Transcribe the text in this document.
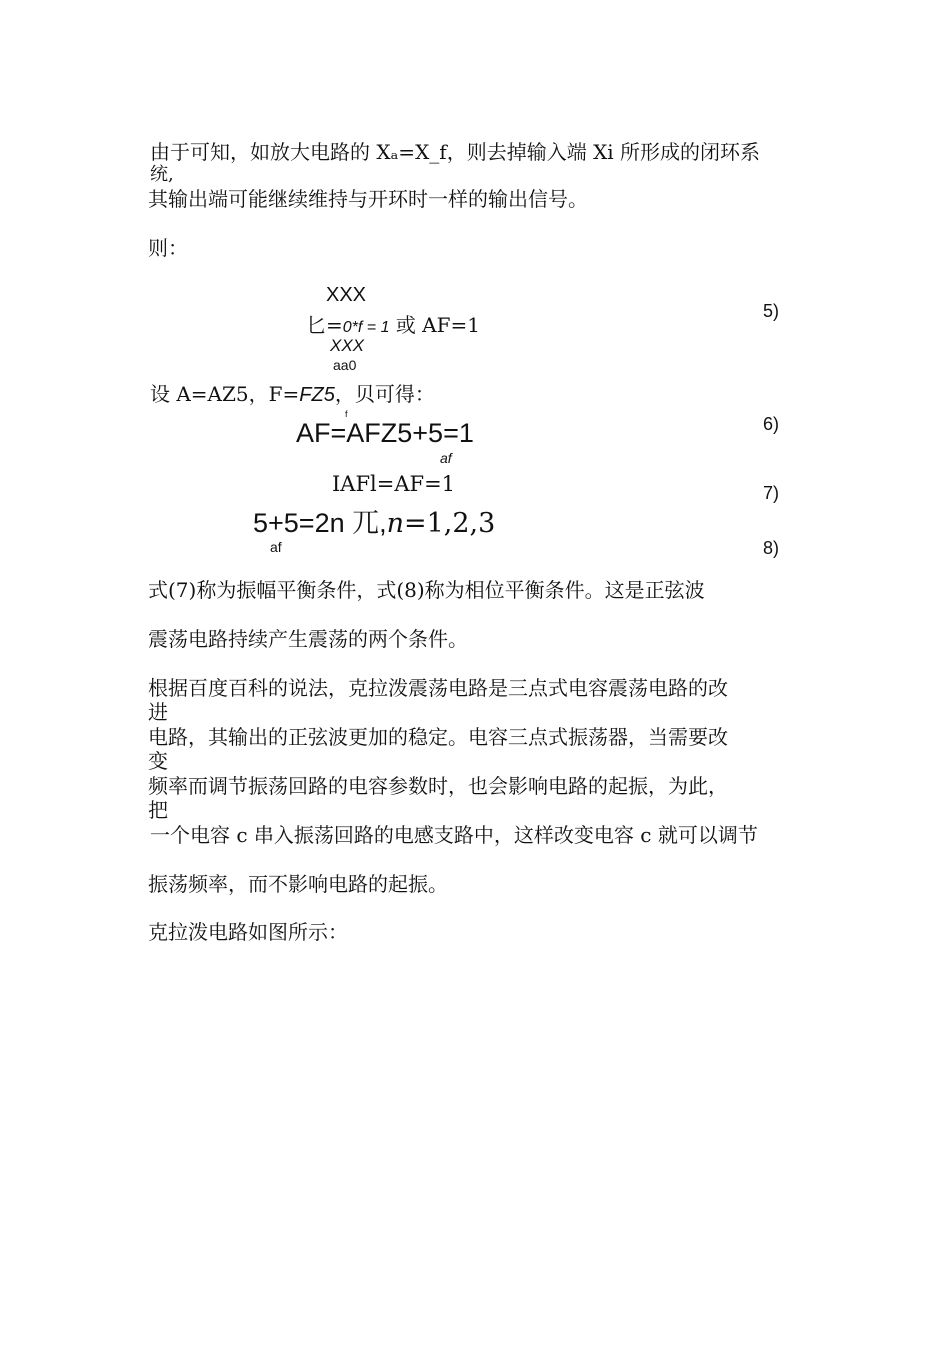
由于可知，如放大电路的 Xₐ=X_f，则去掉输入端 Xi 所形成的闭环系
统,
其输出端可能继续维持与开环时一样的输出信号。
则：
XXX
匕=0*f = 1 或 AF=1
XXX
aa0
5)
设 A=AZ5，F=FZ5，贝可得：
f
AF=AFZ5+5=1
af
6)
IAFl=AF=1	7)
5+5=2n 兀,n=1,2,3
af	8)
式(7)称为振幅平衡条件，式(8)称为相位平衡条件。这是正弦波
震荡电路持续产生震荡的两个条件。
根据百度百科的说法，克拉泼震荡电路是三点式电容震荡电路的改
进
电路，其输出的正弦波更加的稳定。电容三点式振荡器，当需要改
变
频率而调节振荡回路的电容参数时，也会影响电路的起振，为此，
把
一个电容 c 串入振荡回路的电感支路中，这样改变电容 c 就可以调节
振荡频率，而不影响电路的起振。
克拉泼电路如图所示：
